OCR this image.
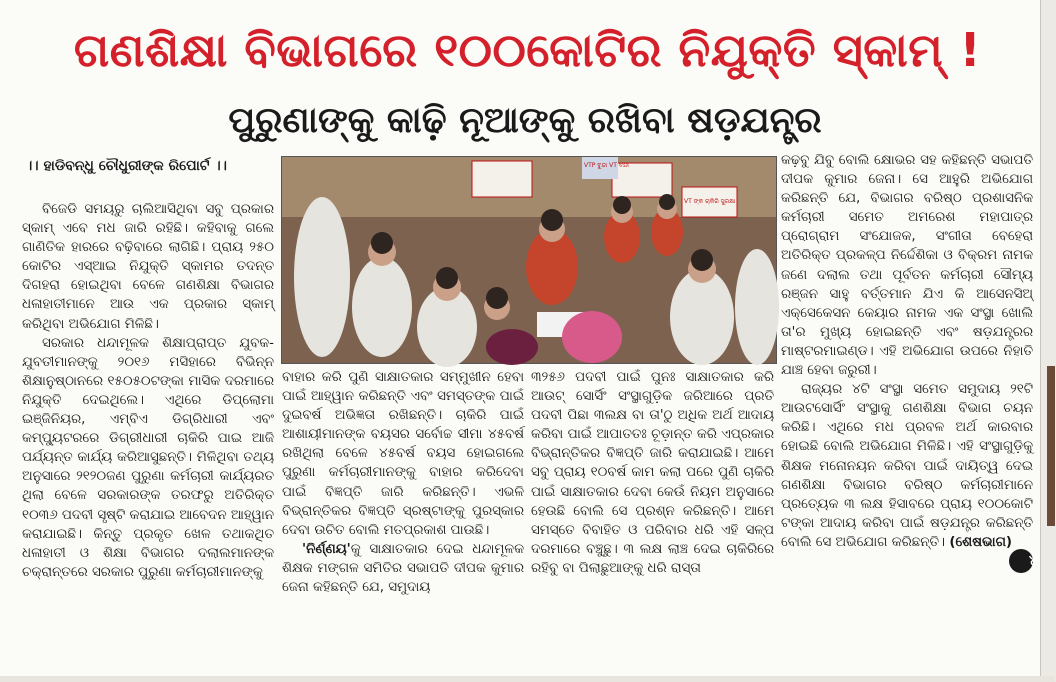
ଗଣଶିକ୍ଷା ବିଭାଗରେ ୧୦୦କୋଟିର ନିଯୁକ୍ତି ସ୍କାମ୍ !
ପୁରୁଣାଙ୍କୁ କାଢ଼ି ନୂଆଙ୍କୁ ରଖିବା ଷଡ଼ଯନ୍ତ୍ର
।। ହାଡିବନ୍ଧୁ ଚୌଧୁରୀଙ୍କ ରିପୋର୍ଟ ।।	VTP ବୁନ୍ଦା VT ବନ୍ଦା
VT ଙ୍କ ଚାକିରି ସୁରକ୍ଷା

ବିଜେଡି ସମୟରୁ ଚାଲିଆସିଥିବା ସବୁ ପ୍ରକାର ସ୍କାମ୍ ଏବେ ମଧ ଜାରି ରହିଛି। କହିବାକୁ ଗଲେ ଗାଣିତିକ ହାରରେ ବଢ଼ିବାରେ ଲାଗିଛି। ପ୍ରାୟ ୨୫୦ କୋଟିର ଏସ୍‌ଆଇ ନିଯୁକ୍ତି ସ୍କାମର ତଦନ୍ତ ଦିଗହରା ହୋଇଥିବା ବେଳେ ଗଣଶିକ୍ଷା ବିଭାଗର ଧଳାହାତୀମାନେ ଆଉ ଏକ ପ୍ରକାର ସ୍କାମ୍ କରିଥିବା ଅଭିଯୋଗ ମିଳିଛି।

ସରକାର ଧନ୍ଦାମୂଳକ ଶିକ୍ଷାପ୍ରାପ୍ତ ଯୁବକ-ଯୁବତୀମାନଙ୍କୁ ୨୦୧୬ ମସିହାରେ ବିଭିନ୍ନ ଶିକ୍ଷାନୁଷ୍ଠାନରେ ୧୫୦୫୦ଟଙ୍କା ମାସିକ ଦରମାରେ ନିଯୁକ୍ତି ଦେଇଥିଲେ। ଏଥିରେ ଡିପ୍ଲୋମା ଇଞ୍ଜିନିୟର, ଏମ୍‌ବିଏ ଡିଗ୍ରିଧାରୀ ଏବଂ କମ୍ପ୍ୟୁଟରରେ ଡିଗ୍ରୀଧାରୀ ଚାକିରି ପାଇ ଆଜି ପର୍ଯ୍ୟନ୍ତ କାର୍ଯ୍ୟ କରିଆସୁଛନ୍ତି। ମିଳିଥିବା ତଥ୍ୟ ଅନୁସାରେ ୨୧୨୦ଜଣ ପୁରୁଣା କର୍ମଚାରୀ କାର୍ଯ୍ୟରତ ଥିଲା ବେଳେ ସରକାରଙ୍କ ତରଫରୁ ଅତିରିକ୍ତ ୧୦୩୬ ପଦବୀ ସୃଷ୍ଟି କରାଯାଇ ଆବେଦନ ଆହ୍ୱାନ କରାଯାଇଛି। କିନ୍ତୁ ପ୍ରକୃତ ଖେଳ ତଥାକଥିତ ଧଳାହାତୀ ଓ ଶିକ୍ଷା ବିଭାଗର ଦଲାଲମାନଙ୍କ ଚକ୍ରାନ୍ତରେ ସରକାର ପୁରୁଣା କର୍ମଚାରୀମାନଙ୍କୁ

ବାହାର କରି ପୁଣି ସାକ୍ଷାତକାର ସମ୍ମୁଖୀନ ହେବା ପାଇଁ ଆହ୍ୱାନ କରିଛନ୍ତି ଏବଂ ସମସ୍ତଙ୍କ ପାଇଁ ଦୁଇବର୍ଷ ଅଭିଜ୍ଞତା ରଖିଛନ୍ତି। ଚାକିରି ପାଇଁ ଆଶାୟୀମାନଙ୍କ ବୟସର ସର୍ବୋଚ୍ଚ ସୀମା ୪୫ବର୍ଷ ରଖିଥିଲା ବେଳେ ୪୫ବର୍ଷ ବୟସ ହୋଇଗଲେ ପୁରୁଣା କର୍ମଚାରୀମାନଙ୍କୁ ବାହାର କରିଦେବା ପାଇଁ ବିଜ୍ଞପ୍ତି ଜାରି କରିଛନ୍ତି। ଏଭଳି ବିଭ୍ରାନ୍ତିକର ବିଜ୍ଞପ୍ତି ସ୍ରଷ୍ଟାଙ୍କୁ ପୁରସ୍କାର ଦେବା ଉଚିତ ବୋଲି ମତପ୍ରକାଶ ପାଉଛି।

'ନିର୍ଣ୍ଣୟ'କୁ ସାକ୍ଷାତକାର ଦେଇ ଧନ୍ଦାମୂଳକ ଶିକ୍ଷକ ମଙ୍ଗଳ ସମିତିର ସଭାପତି ଦୀପକ କୁମାର ଜେନା କହିଛନ୍ତି ଯେ, ସମୁଦାୟ

୩୨୫୬ ପଦବୀ ପାଇଁ ପୁନଃ ସାକ୍ଷାତକାର କରି ଆଉଟ୍ ସୋର୍ସିଂ ସଂସ୍ଥାଗୁଡ଼ିକ ଜରିଆରେ ପ୍ରତି ପଦବୀ ପିଛା ୩ଲକ୍ଷ ବା ତା'ଠୁ ଅଧିକ ଅର୍ଥ ଆଦାୟ କରିବା ପାଇଁ ଆପାତତଃ ଚୂଡ଼ାନ୍ତ କରି ଏପ୍ରକାର ବିଭ୍ରାନ୍ତିକର ବିଜ୍ଞପ୍ତି ଜାରି କରାଯାଇଛି। ଆମେ ସବୁ ପ୍ରାୟ ୧୦ବର୍ଷ କାମ କଲା ପରେ ପୁଣି ଚାକିରି ପାଇଁ ସାକ୍ଷାତକାର ଦେବା କେଉଁ ନିୟମ ଅନୁସାରେ ହେଉଛି ବୋଲି ସେ ପ୍ରଶ୍ନ କରିଛନ୍ତି। ଆମେ ସମସ୍ତେ ବିବାହିତ ଓ ପରିବାର ଧରି ଏହି ସଳ୍ପ ଦରମାରେ ବଞ୍ଚୁଛୁ। ୩ ଲକ୍ଷ ଲାଞ୍ଚ ଦେଇ ଚାକିରିରେ ରହିବୁ ବା ପିଲାଛୁଆଙ୍କୁ ଧରି ରାସ୍ତା

କଢ଼ବୁ ଯିବୁ ବୋଲି କ୍ଷୋଭର ସହ କହିଛନ୍ତି ସଭାପତି ଦୀପକ କୁମାର ଜେନା। ସେ ଆହୁରି ଅଭିଯୋଗ କରିଛନ୍ତି ଯେ, ବିଭାଗର ବରିଷ୍ଠ ପ୍ରଶାସନିକ କର୍ମଚାରୀ ସମେତ ଅମରେଶ ମହାପାତ୍ର ପ୍ରୋଗ୍ରାମ ସଂଯୋଜକ, ସଂଗୀତା ବେହେରା ଅତିରିକ୍ତ ପ୍ରକଳ୍ପ ନିର୍ଦ୍ଦେଶିକା ଓ ବିକ୍ରମ ନାମକ ଜଣେ ଦଲାଲ ତଥା ପୂର୍ବତନ କର୍ମଚାରୀ ସୌମ୍ୟ ରଞ୍ଜନ ସାହୁ ବର୍ତ୍ତମାନ ଯିଏ କି ଆସେନସିଅ୍ ଏକ୍ସେକେସନ କେୟାର ନାମକ ଏକ ସଂସ୍ଥା ଖୋଲି ତା'ର ମୁଖ୍ୟ ହୋଇଛନ୍ତି ଏବଂ ଷଡ଼ଯନ୍ତ୍ରର ମାଷ୍ଟରମାଇଣ୍ଡ। ଏହି ଅଭିଯୋଗ ଉପରେ ନିହାତି ଯାଞ୍ଚ ହେବା ଜରୁରୀ।

ରାଜ୍ୟର ୪ଟି ସଂସ୍ଥା ସମେତ ସମୁଦାୟ ୨୧ଟି ଆଉଟସୋର୍ସିଂ ସଂସ୍ଥାକୁ ଗଣଶିକ୍ଷା ବିଭାଗ ଚୟନ କରିଛି। ଏଥିରେ ମଧ ପ୍ରବଳ ଅର୍ଥ କାରବାର ହୋଇଛି ବୋଲି ଅଭିଯୋଗ ମିଳିଛି। ଏହି ସଂସ୍ଥାଗୁଡ଼ିକୁ ଶିକ୍ଷକ ମନୋନୟନ କରିବା ପାଇଁ ଦାୟିତ୍ୱ ଦେଇ ଗଣଶିକ୍ଷା ବିଭାଗର ବରିଷ୍ଠ କର୍ମଚାରୀମାନେ ପ୍ରତ୍ୟେକ ୩ ଲକ୍ଷ ହିସାବରେ ପ୍ରାୟ ୧୦୦କୋଟି ଟଙ୍କା ଆଦାୟ କରିବା ପାଇଁ ଷଡ଼ଯନ୍ତ୍ର କରିଛନ୍ତି ବୋଲି ସେ ଅଭିଯୋଗ କରିଛନ୍ତି। (ଶେଷଭାଗ)
୪
